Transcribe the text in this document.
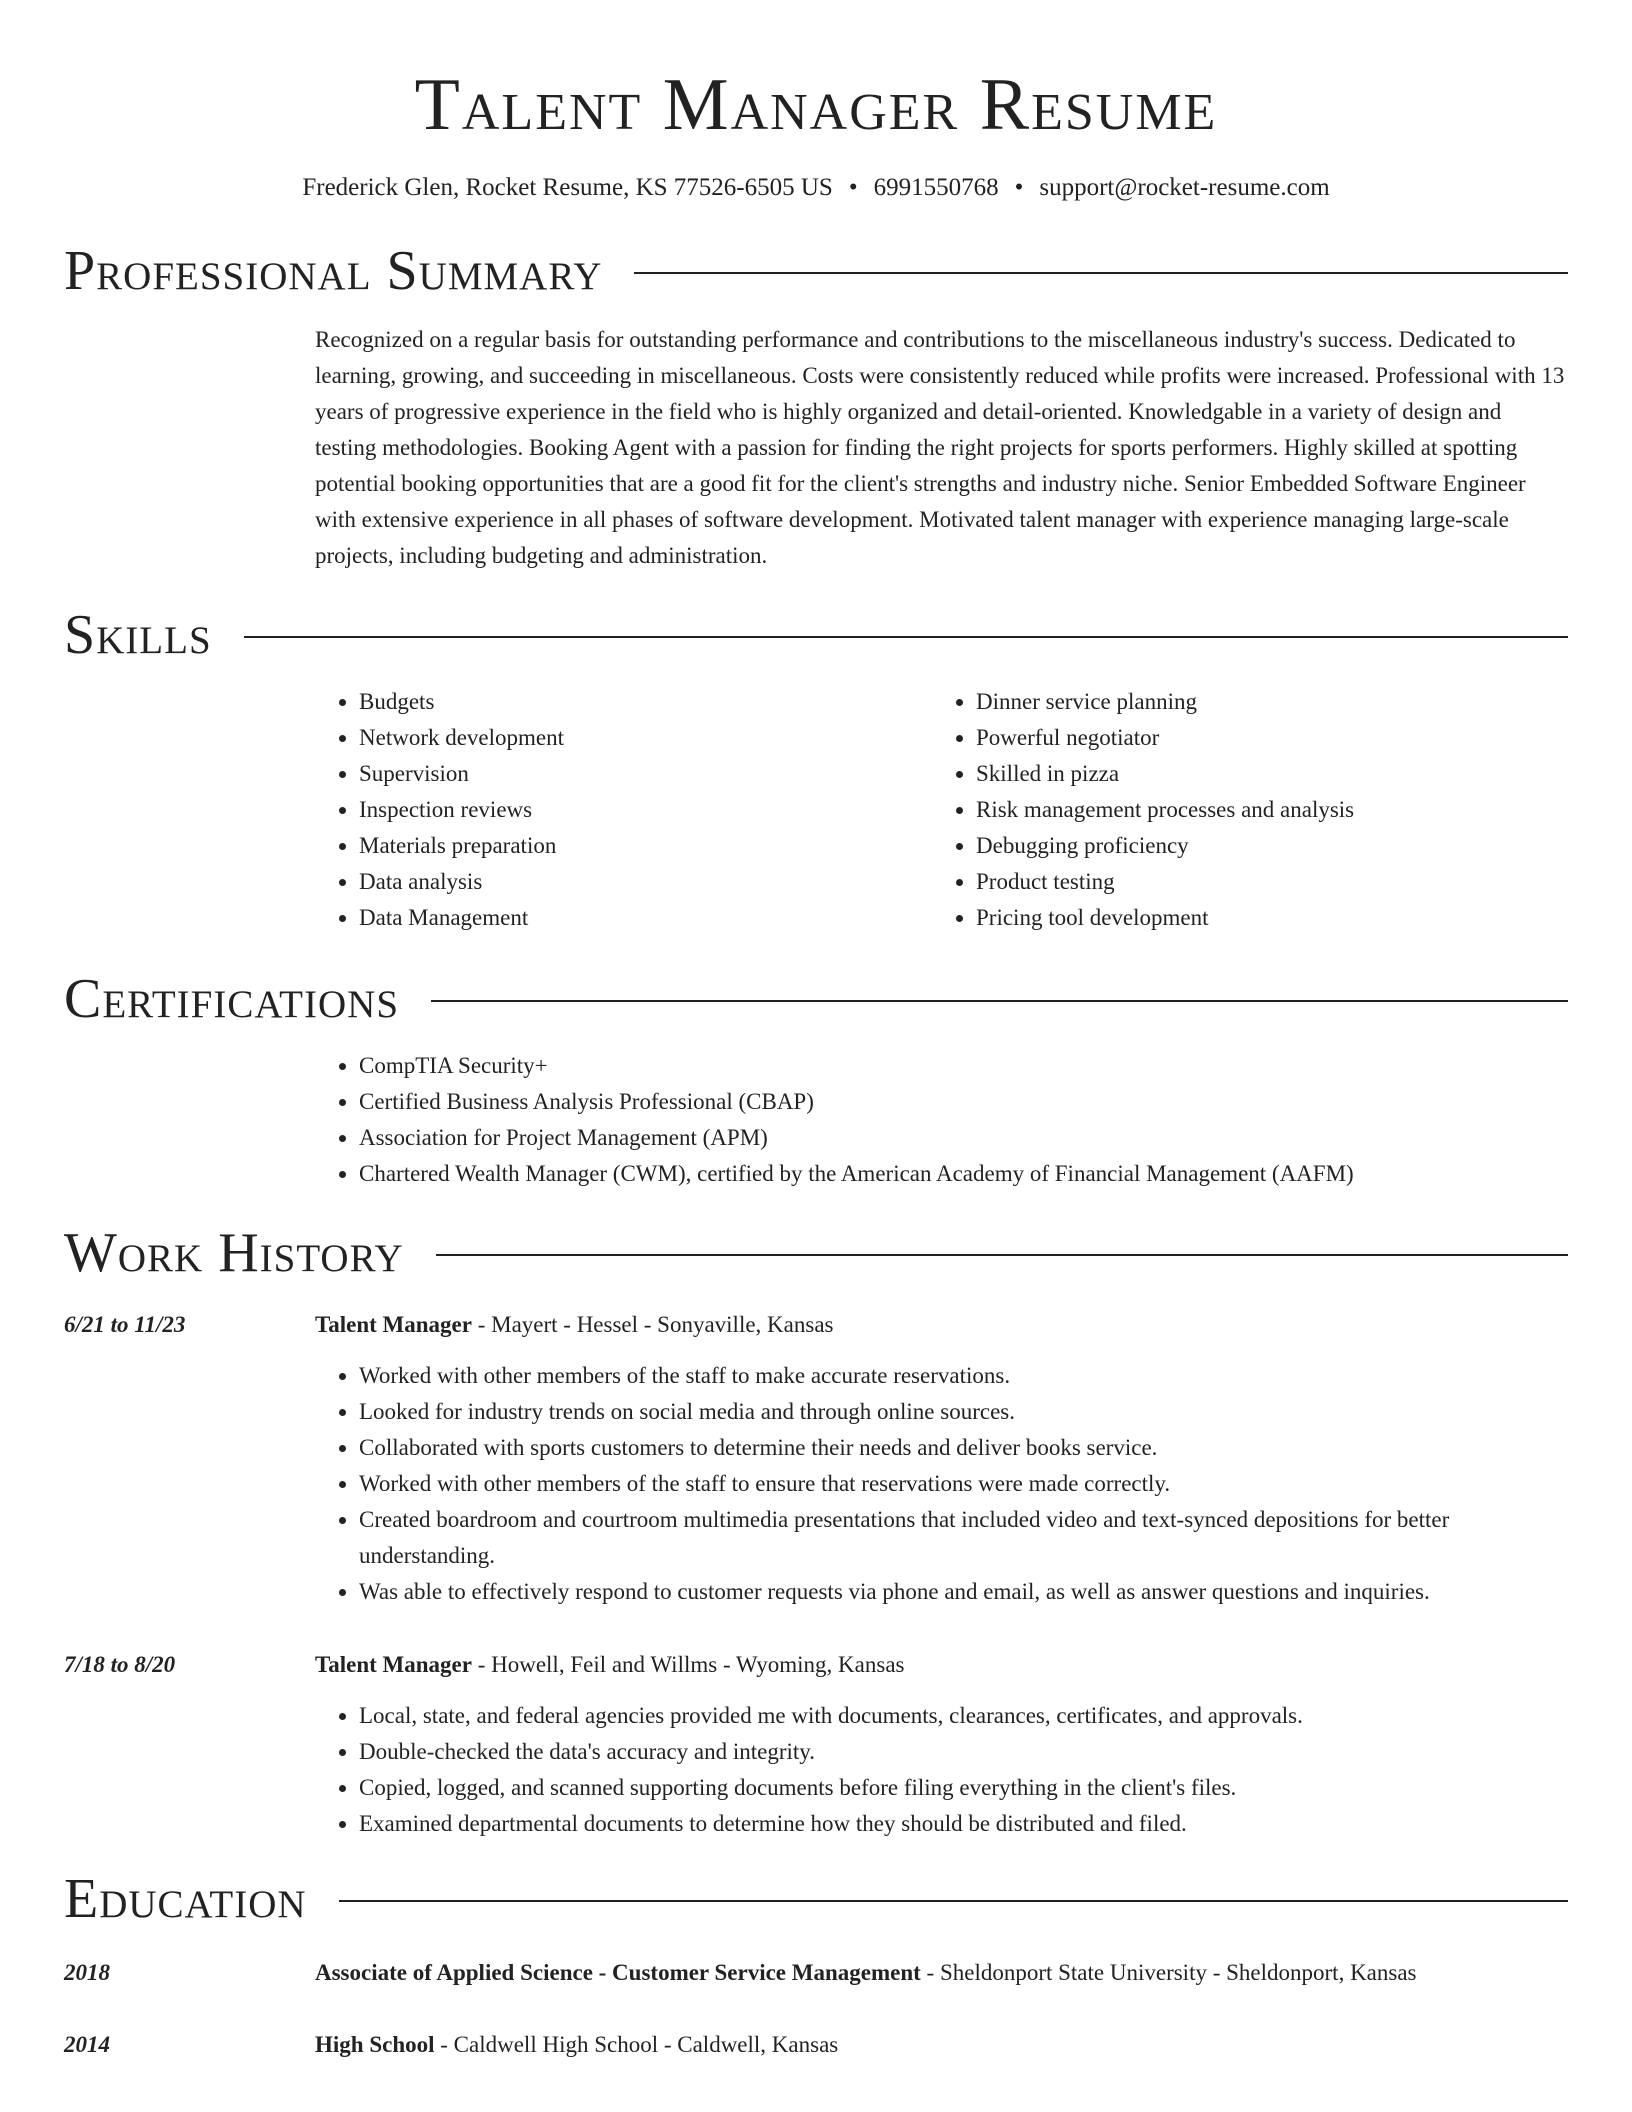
Talent Manager Resume
Frederick Glen, Rocket Resume, KS 77526-6505 US • 6991550768 • support@rocket-resume.com
Professional Summary
Recognized on a regular basis for outstanding performance and contributions to the miscellaneous industry's success. Dedicated to learning, growing, and succeeding in miscellaneous. Costs were consistently reduced while profits were increased. Professional with 13 years of progressive experience in the field who is highly organized and detail-oriented. Knowledgable in a variety of design and testing methodologies. Booking Agent with a passion for finding the right projects for sports performers. Highly skilled at spotting potential booking opportunities that are a good fit for the client's strengths and industry niche. Senior Embedded Software Engineer with extensive experience in all phases of software development. Motivated talent manager with experience managing large-scale projects, including budgeting and administration.
Skills
• Budgets
• Network development
• Supervision
• Inspection reviews
• Materials preparation
• Data analysis
• Data Management
• Dinner service planning
• Powerful negotiator
• Skilled in pizza
• Risk management processes and analysis
• Debugging proficiency
• Product testing
• Pricing tool development
Certifications
• CompTIA Security+
• Certified Business Analysis Professional (CBAP)
• Association for Project Management (APM)
• Chartered Wealth Manager (CWM), certified by the American Academy of Financial Management (AAFM)
Work History
6/21 to 11/23	Talent Manager - Mayert - Hessel - Sonyaville, Kansas
• Worked with other members of the staff to make accurate reservations.
• Looked for industry trends on social media and through online sources.
• Collaborated with sports customers to determine their needs and deliver books service.
• Worked with other members of the staff to ensure that reservations were made correctly.
• Created boardroom and courtroom multimedia presentations that included video and text-synced depositions for better understanding.
• Was able to effectively respond to customer requests via phone and email, as well as answer questions and inquiries.
7/18 to 8/20	Talent Manager - Howell, Feil and Willms - Wyoming, Kansas
• Local, state, and federal agencies provided me with documents, clearances, certificates, and approvals.
• Double-checked the data's accuracy and integrity.
• Copied, logged, and scanned supporting documents before filing everything in the client's files.
• Examined departmental documents to determine how they should be distributed and filed.
Education
2018	Associate of Applied Science - Customer Service Management - Sheldonport State University - Sheldonport, Kansas
2014	High School - Caldwell High School - Caldwell, Kansas
